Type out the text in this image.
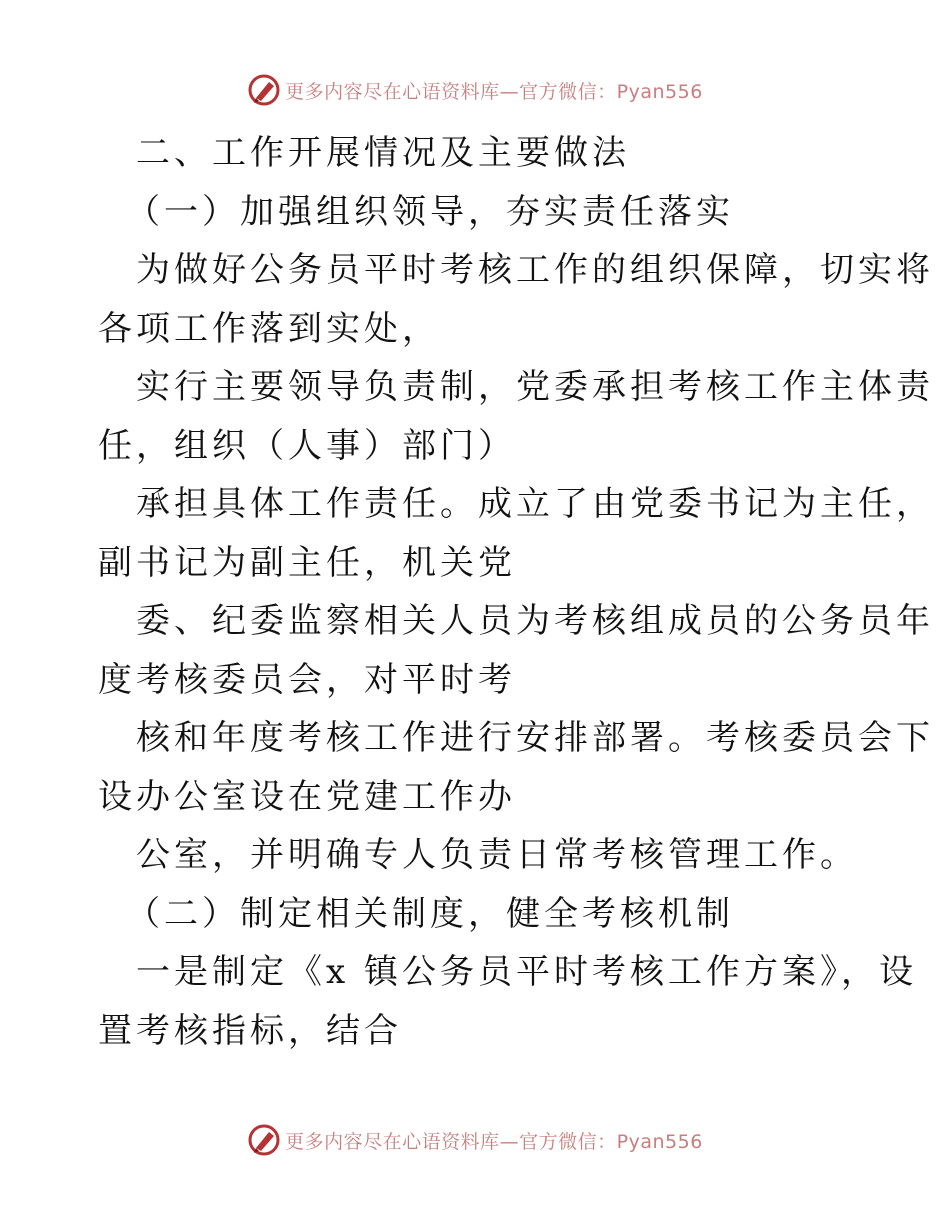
更多内容尽在心语资料库—官方微信：Pyan556
二、工作开展情况及主要做法
（一）加强组织领导，夯实责任落实
为做好公务员平时考核工作的组织保障，切实将
各项工作落到实处，
实行主要领导负责制，党委承担考核工作主体责
任，组织（人事）部门）
承担具体工作责任。成立了由党委书记为主任，
副书记为副主任，机关党
委、纪委监察相关人员为考核组成员的公务员年
度考核委员会，对平时考
核和年度考核工作进行安排部署。考核委员会下
设办公室设在党建工作办
公室，并明确专人负责日常考核管理工作。
（二）制定相关制度，健全考核机制
一是制定《x 镇公务员平时考核工作方案》，设
置考核指标，结合
更多内容尽在心语资料库—官方微信：Pyan556
